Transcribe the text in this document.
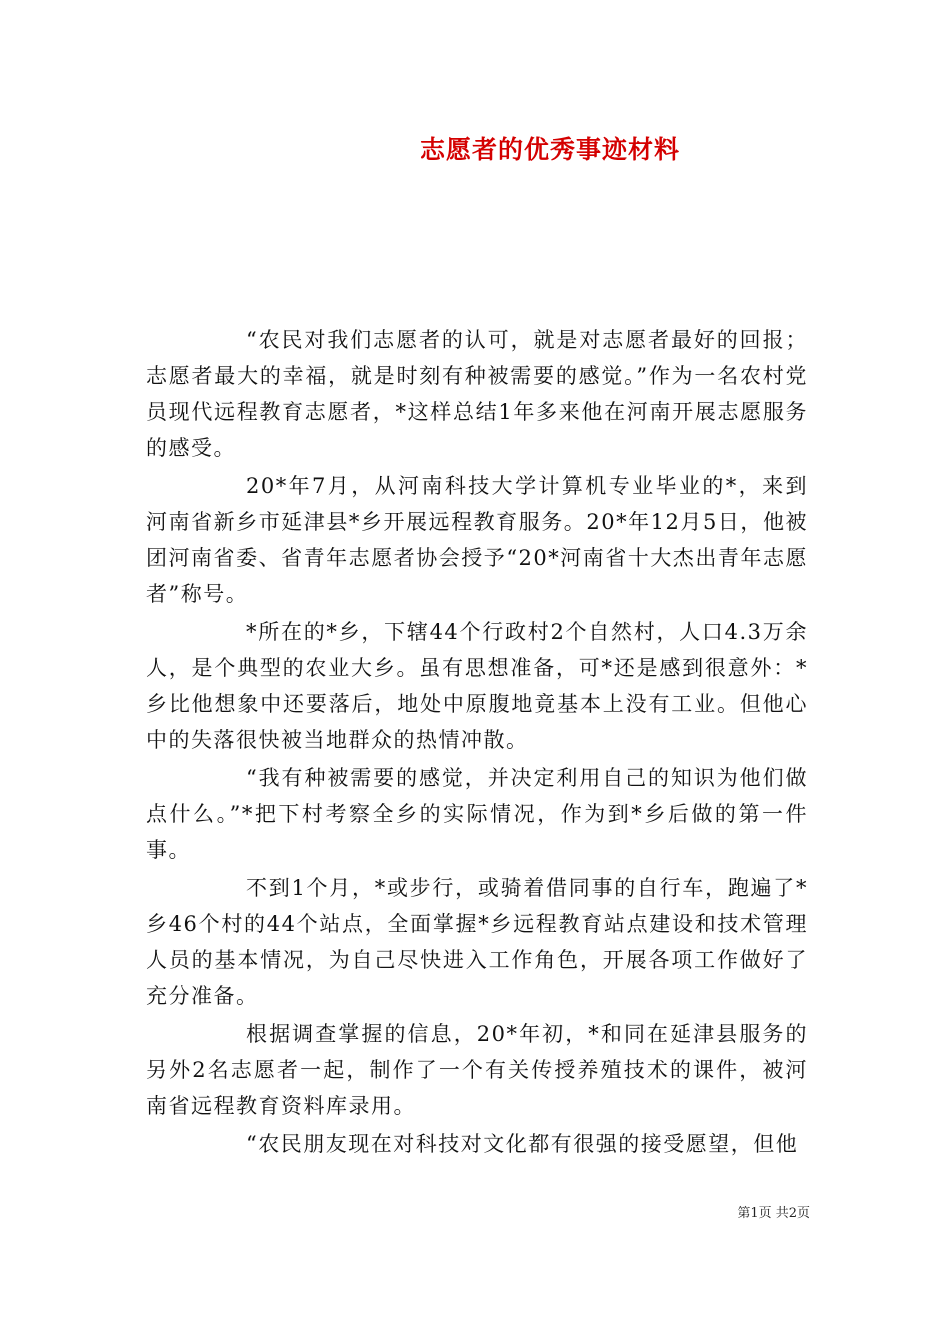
志愿者的优秀事迹材料

“农民对我们志愿者的认可，就是对志愿者最好的回报；志愿者最大的幸福，就是时刻有种被需要的感觉。”作为一名农村党员现代远程教育志愿者，*这样总结1年多来他在河南开展志愿服务的感受。

20*年7月，从河南科技大学计算机专业毕业的*，来到河南省新乡市延津县*乡开展远程教育服务。20*年12月5日，他被团河南省委、省青年志愿者协会授予“20*河南省十大杰出青年志愿者”称号。

*所在的*乡，下辖44个行政村2个自然村，人口4.3万余人，是个典型的农业大乡。虽有思想准备，可*还是感到很意外：*乡比他想象中还要落后，地处中原腹地竟基本上没有工业。但他心中的失落很快被当地群众的热情冲散。

“我有种被需要的感觉，并决定利用自己的知识为他们做点什么。”*把下村考察全乡的实际情况，作为到*乡后做的第一件事。

不到1个月，*或步行，或骑着借同事的自行车，跑遍了*乡46个村的44个站点，全面掌握*乡远程教育站点建设和技术管理人员的基本情况，为自己尽快进入工作角色，开展各项工作做好了充分准备。

根据调查掌握的信息，20*年初，*和同在延津县服务的另外2名志愿者一起，制作了一个有关传授养殖技术的课件，被河南省远程教育资料库录用。

“农民朋友现在对科技对文化都有很强的接受愿望，但他

第1页 共2页
